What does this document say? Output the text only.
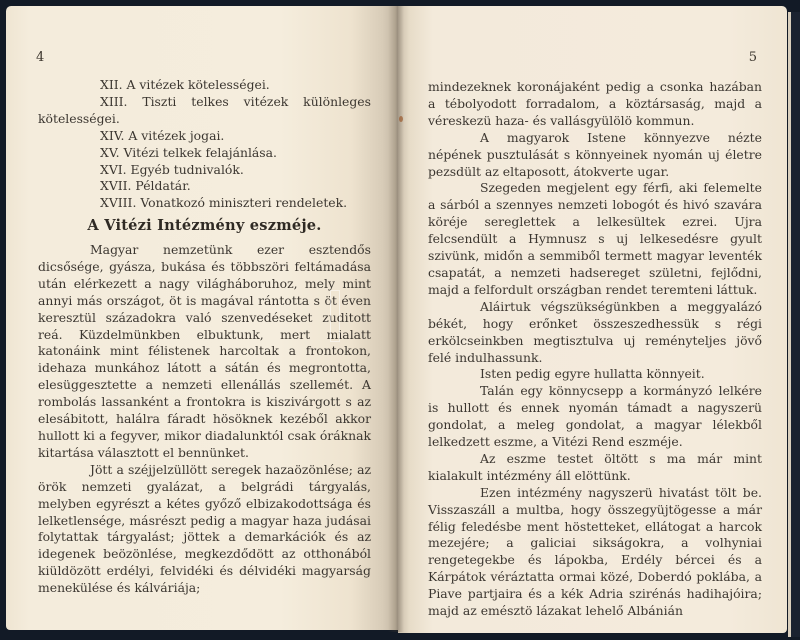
4

XII. A vitézek kötelességei.

XIII. Tiszti telkes vitézek különleges kötelességei.

XIV. A vitézek jogai.

XV. Vitézi telkek felajánlása.

XVI. Egyéb tudnivalók.

XVII. Példatár.

XVIII. Vonatkozó miniszteri rendeletek.

A Vitézi Intézmény eszméje.

Magyar nemzetünk ezer esztendős dicsősége, gyásza, bukása és többszöri feltámadása után elérkezett a nagy világháboruhoz, mely mint annyi más országot, öt is magával rántotta s öt éven keresztül századokra való szenvedéseket zuditott reá. Küzdelmünkben elbuktunk, mert mialatt katonáink mint félistenek harcoltak a frontokon, idehaza munkához látott a sátán és megrontotta, elesüggesztette a nemzeti ellenállás szellemét. A rombolás lassanként a frontokra is kiszivárgott s az elesábitott, halálra fáradt hösöknek kezéből akkor hullott ki a fegyver, mikor diadalunktól csak óráknak kitartása választott el bennünket.

Jött a széjjelzüllött seregek hazaözönlése; az örök nemzeti gyalázat, a belgrádi tárgyalás, melyben egyrészt a kétes győző elbizakodottsága és lelketlensége, másrészt pedig a magyar haza judásai folytattak tárgyalást; jöttek a demarkációk és az idegenek beözönlése, megkezdődött az otthonából kiüldözött erdélyi, felvidéki és délvidéki magyarság menekülése és kálváriája;

5

mindezeknek koronájaként pedig a csonka hazában a tébolyodott forradalom, a köztársaság, majd a véreskezü haza- és vallásgyülölö kommun.

A magyarok Istene könnyezve nézte népének pusztulását s könnyeinek nyomán uj életre pezsdült az eltaposott, átokverte ugar.

Szegeden megjelent egy férfi, aki felemelte a sárból a szennyes nemzeti lobogót és hivó szavára köréje sereglettek a lelkesültek ezrei. Ujra felcsendült a Hymnusz s uj lelkesedésre gyult szivünk, midőn a semmiből termett magyar leventék csapatát, a nemzeti hadsereget születni, fejlődni, majd a felfordult országban rendet teremteni láttuk.

Aláirtuk végszükségünkben a meggyalázó békét, hogy erőnket összeszedhessük s régi erkölcseinkben megtisztulva uj reményteljes jövő felé indulhassunk.

Isten pedig egyre hullatta könnyeit.

Talán egy könnycsepp a kormányzó lelkére is hullott és ennek nyomán támadt a nagyszerü gondolat, a meleg gondolat, a magyar lélekből lelkedzett eszme, a Vitézi Rend eszméje.

Az eszme testet öltött s ma már mint kialakult intézmény áll elöttünk.

Ezen intézmény nagyszerü hivatást tölt be. Visszaszáll a multba, hogy összegyüjtögesse a már félig feledésbe ment höstetteket, ellátogat a harcok mezejére; a galiciai sikságokra, a volhyniai rengetegekbe és lápokba, Erdély bércei és a Kárpátok véráztatta ormai közé, Doberdó poklába, a Piave partjaira és a kék Adria szirénás hadihajóira; majd az emésztö lázakat lehelő Albánián
